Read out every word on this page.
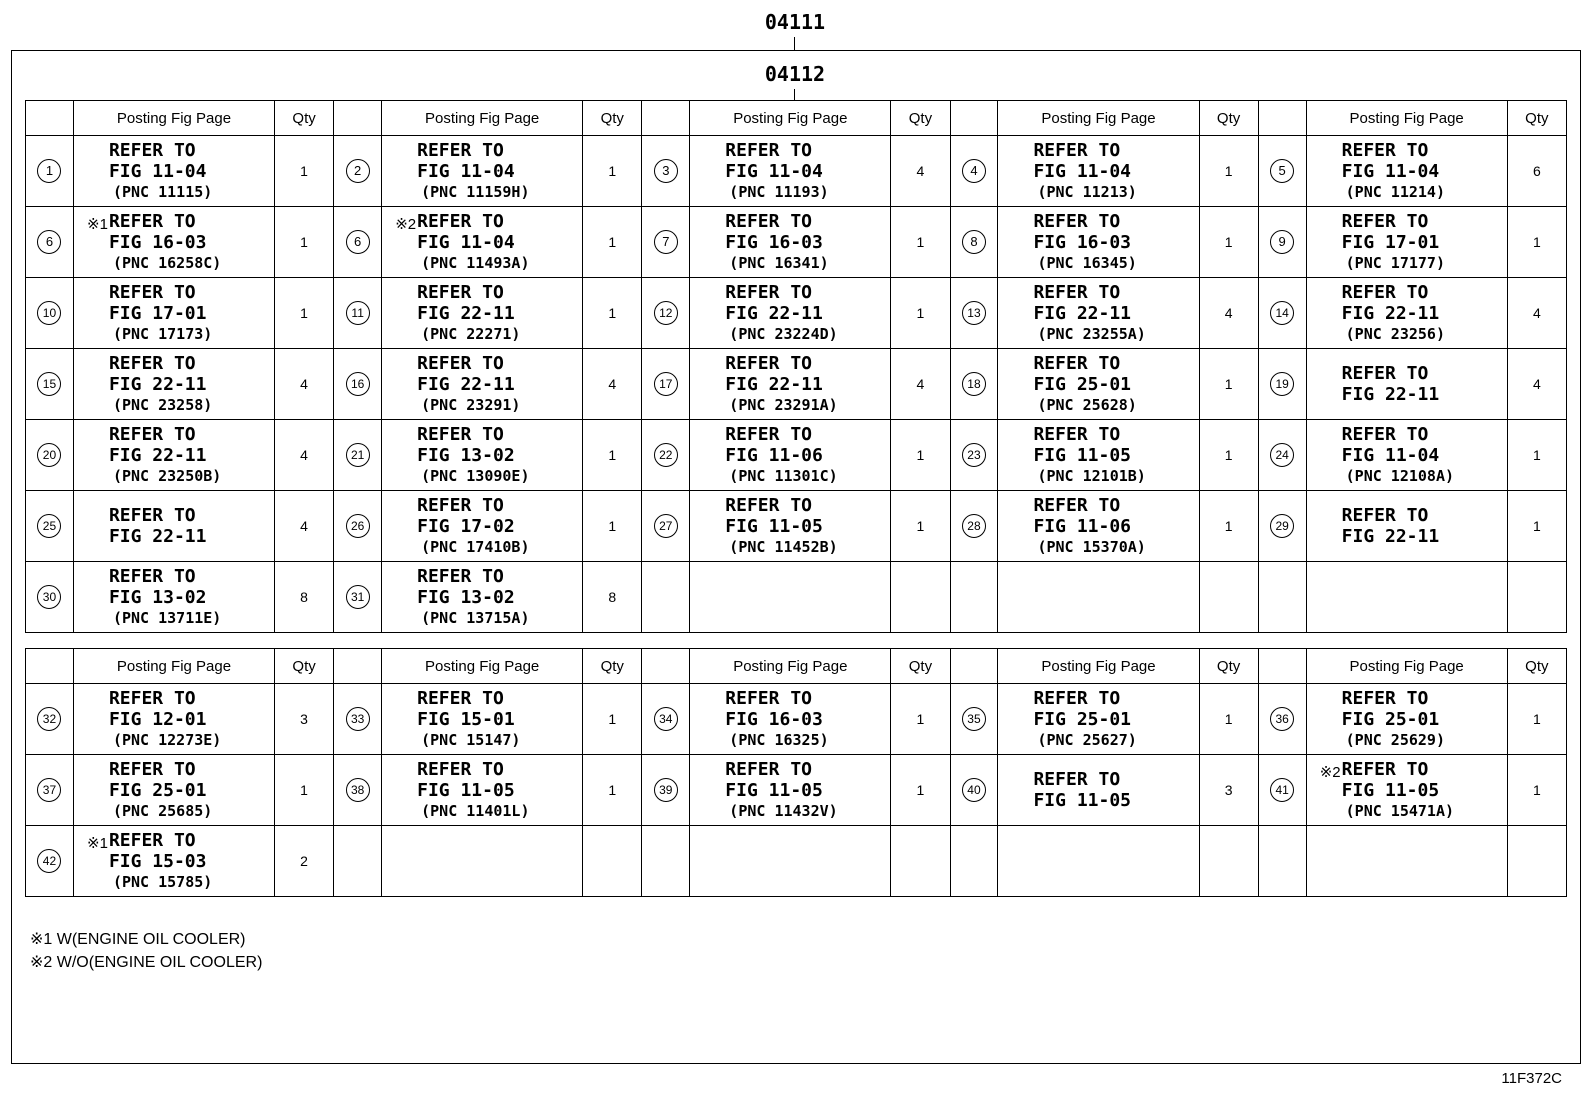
04111
04112
	Posting Fig Page	Qty		Posting Fig Page	Qty		Posting Fig Page	Qty		Posting Fig Page	Qty		Posting Fig Page	Qty
1	REFER TO
FIG 11-04
(PNC 11115)	1	2	REFER TO
FIG 11-04
(PNC 11159H)	1	3	REFER TO
FIG 11-04
(PNC 11193)	4	4	REFER TO
FIG 11-04
(PNC 11213)	1	5	REFER TO
FIG 11-04
(PNC 11214)	6
6	※1 REFER TO
FIG 16-03
(PNC 16258C)	1	6	※2 REFER TO
FIG 11-04
(PNC 11493A)	1	7	REFER TO
FIG 16-03
(PNC 16341)	1	8	REFER TO
FIG 16-03
(PNC 16345)	1	9	REFER TO
FIG 17-01
(PNC 17177)	1
10	REFER TO
FIG 17-01
(PNC 17173)	1	11	REFER TO
FIG 22-11
(PNC 22271)	1	12	REFER TO
FIG 22-11
(PNC 23224D)	1	13	REFER TO
FIG 22-11
(PNC 23255A)	4	14	REFER TO
FIG 22-11
(PNC 23256)	4
15	REFER TO
FIG 22-11
(PNC 23258)	4	16	REFER TO
FIG 22-11
(PNC 23291)	4	17	REFER TO
FIG 22-11
(PNC 23291A)	4	18	REFER TO
FIG 25-01
(PNC 25628)	1	19	REFER TO
FIG 22-11	4
20	REFER TO
FIG 22-11
(PNC 23250B)	4	21	REFER TO
FIG 13-02
(PNC 13090E)	1	22	REFER TO
FIG 11-06
(PNC 11301C)	1	23	REFER TO
FIG 11-05
(PNC 12101B)	1	24	REFER TO
FIG 11-04
(PNC 12108A)	1
25	REFER TO
FIG 22-11	4	26	REFER TO
FIG 17-02
(PNC 17410B)	1	27	REFER TO
FIG 11-05
(PNC 11452B)	1	28	REFER TO
FIG 11-06
(PNC 15370A)	1	29	REFER TO
FIG 22-11	1
30	REFER TO
FIG 13-02
(PNC 13711E)	8	31	REFER TO
FIG 13-02
(PNC 13715A)	8									
	Posting Fig Page	Qty		Posting Fig Page	Qty		Posting Fig Page	Qty		Posting Fig Page	Qty		Posting Fig Page	Qty
32	REFER TO
FIG 12-01
(PNC 12273E)	3	33	REFER TO
FIG 15-01
(PNC 15147)	1	34	REFER TO
FIG 16-03
(PNC 16325)	1	35	REFER TO
FIG 25-01
(PNC 25627)	1	36	REFER TO
FIG 25-01
(PNC 25629)	1
37	REFER TO
FIG 25-01
(PNC 25685)	1	38	REFER TO
FIG 11-05
(PNC 11401L)	1	39	REFER TO
FIG 11-05
(PNC 11432V)	1	40	REFER TO
FIG 11-05	3	41	※2 REFER TO
FIG 11-05
(PNC 15471A)	1
42	※1 REFER TO
FIG 15-03
(PNC 15785)	2												
※1 W(ENGINE OIL COOLER)
※2 W/O(ENGINE OIL COOLER)
11F372C
